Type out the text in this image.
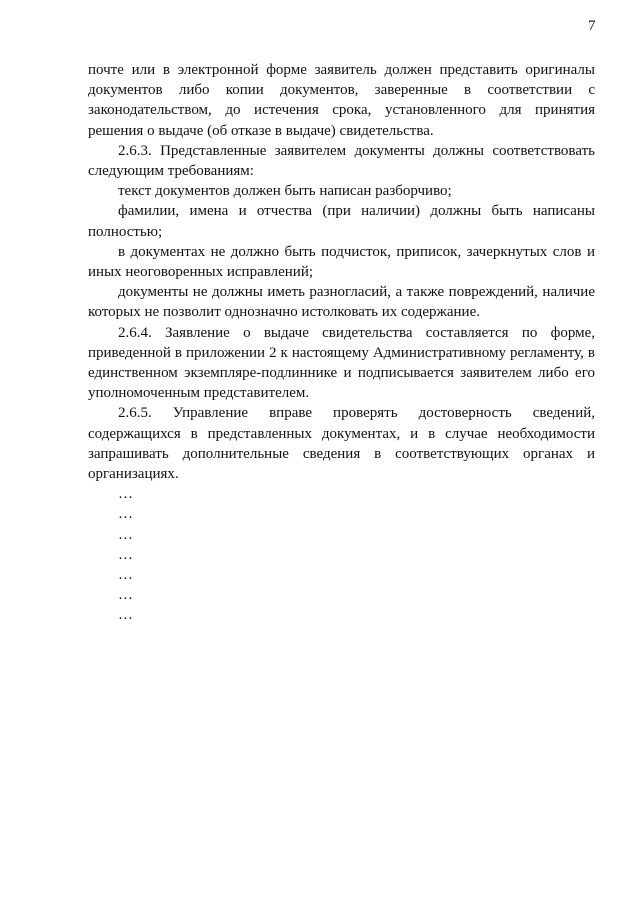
7

почте или в электронной форме заявитель должен представить оригиналы документов либо копии документов, заверенные в соответствии с законодательством, до истечения срока, установленного для принятия решения о выдаче (об отказе в выдаче) свидетельства.

2.6.3. Представленные заявителем документы должны соответствовать следующим требованиям:

текст документов должен быть написан разборчиво;

фамилии, имена и отчества (при наличии) должны быть написаны полностью;

в документах не должно быть подчисток, приписок, зачеркнутых слов и иных неоговоренных исправлений;

документы не должны иметь разногласий, а также повреждений, наличие которых не позволит однозначно истолковать их содержание.

2.6.4. Заявление о выдаче свидетельства составляется по форме, приведенной в приложении 2 к настоящему Административному регламенту, в единственном экземпляре-подлиннике и подписывается заявителем либо его уполномоченным представителем.

2.6.5. Управление вправе проверять достоверность сведений, содержащихся в представленных документах, и в случае необходимости запрашивать дополнительные сведения в соответствующих органах и организациях.

…

…

…

…

…

…

…
